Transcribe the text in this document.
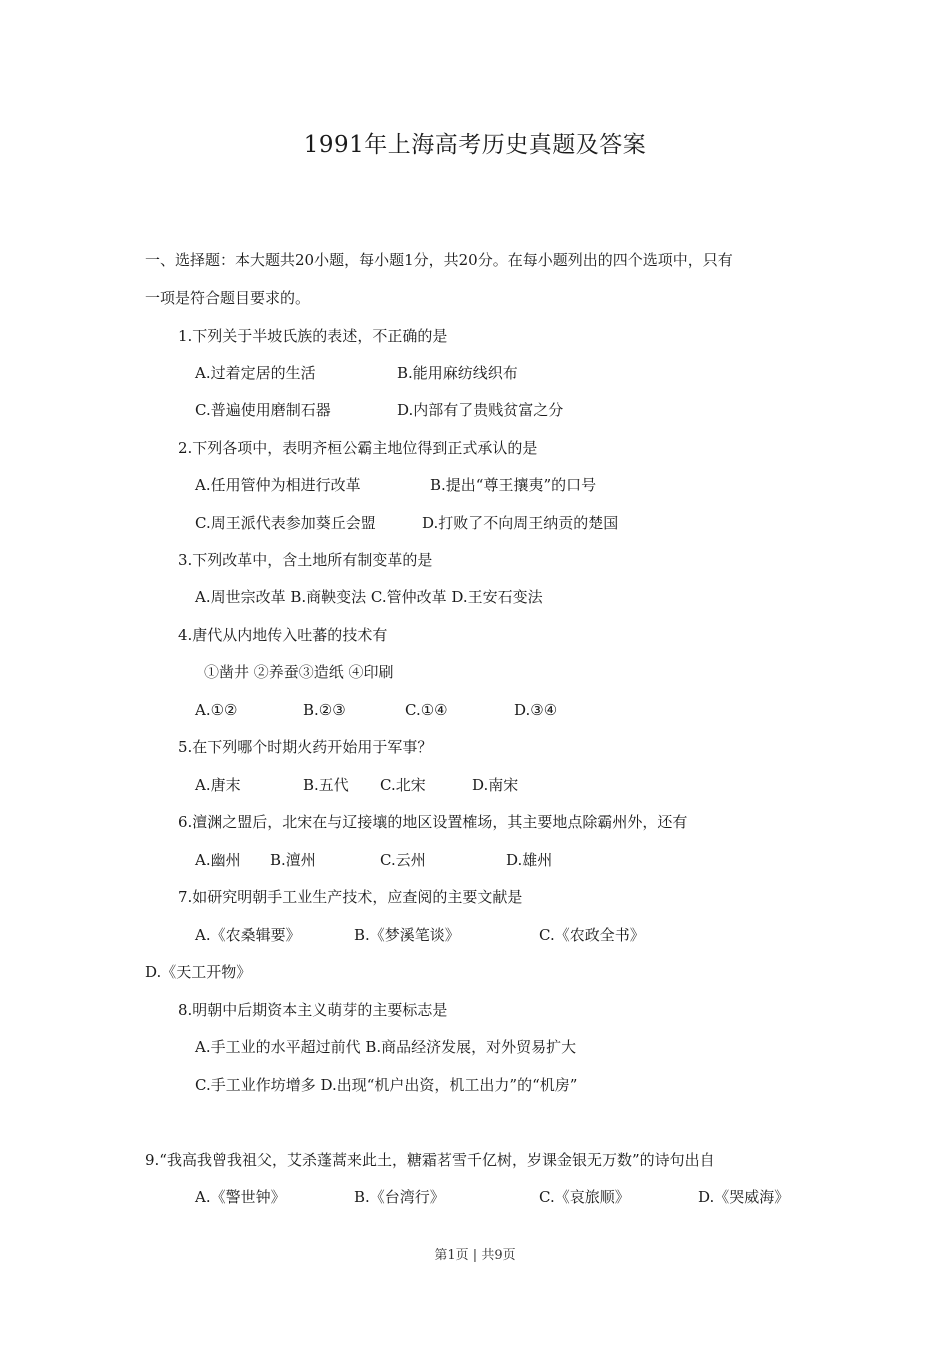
1991年上海高考历史真题及答案
一、选择题：本大题共20小题，每小题1分，共20分。在每小题列出的四个选项中，只有
一项是符合题目要求的。
1.下列关于半坡氏族的表述，不正确的是
A.过着定居的生活	B.能用麻纺线织布
C.普遍使用磨制石器	D.内部有了贵贱贫富之分
2.下列各项中，表明齐桓公霸主地位得到正式承认的是
A.任用管仲为相进行改革	B.提出“尊王攘夷”的口号
C.周王派代表参加葵丘会盟	D.打败了不向周王纳贡的楚国
3.下列改革中，含土地所有制变革的是
A.周世宗改革 B.商鞅变法 C.管仲改革 D.王安石变法
4.唐代从内地传入吐蕃的技术有
①凿井 ②养蚕③造纸 ④印刷
A.①②	B.②③	C.①④	D.③④
5.在下列哪个时期火药开始用于军事？
A.唐末	B.五代 C.北宋	D.南宋
6.澶渊之盟后，北宋在与辽接壤的地区设置榷场，其主要地点除霸州外，还有
A.幽州 B.澶州	C.云州	D.雄州
7.如研究明朝手工业生产技术，应查阅的主要文献是
A.《农桑辑要》	B.《梦溪笔谈》	C.《农政全书》
D.《天工开物》
8.明朝中后期资本主义萌芽的主要标志是
A.手工业的水平超过前代 B.商品经济发展，对外贸易扩大
C.手工业作坊增多 D.出现“机户出资，机工出力”的“机房”
9.“我高我曾我祖父，艾杀蓬蒿来此土，糖霜茗雪千亿树，岁课金银无万数”的诗句出自
A.《警世钟》	B.《台湾行》	C.《哀旅顺》	D.《哭威海》
第1页 | 共9页
